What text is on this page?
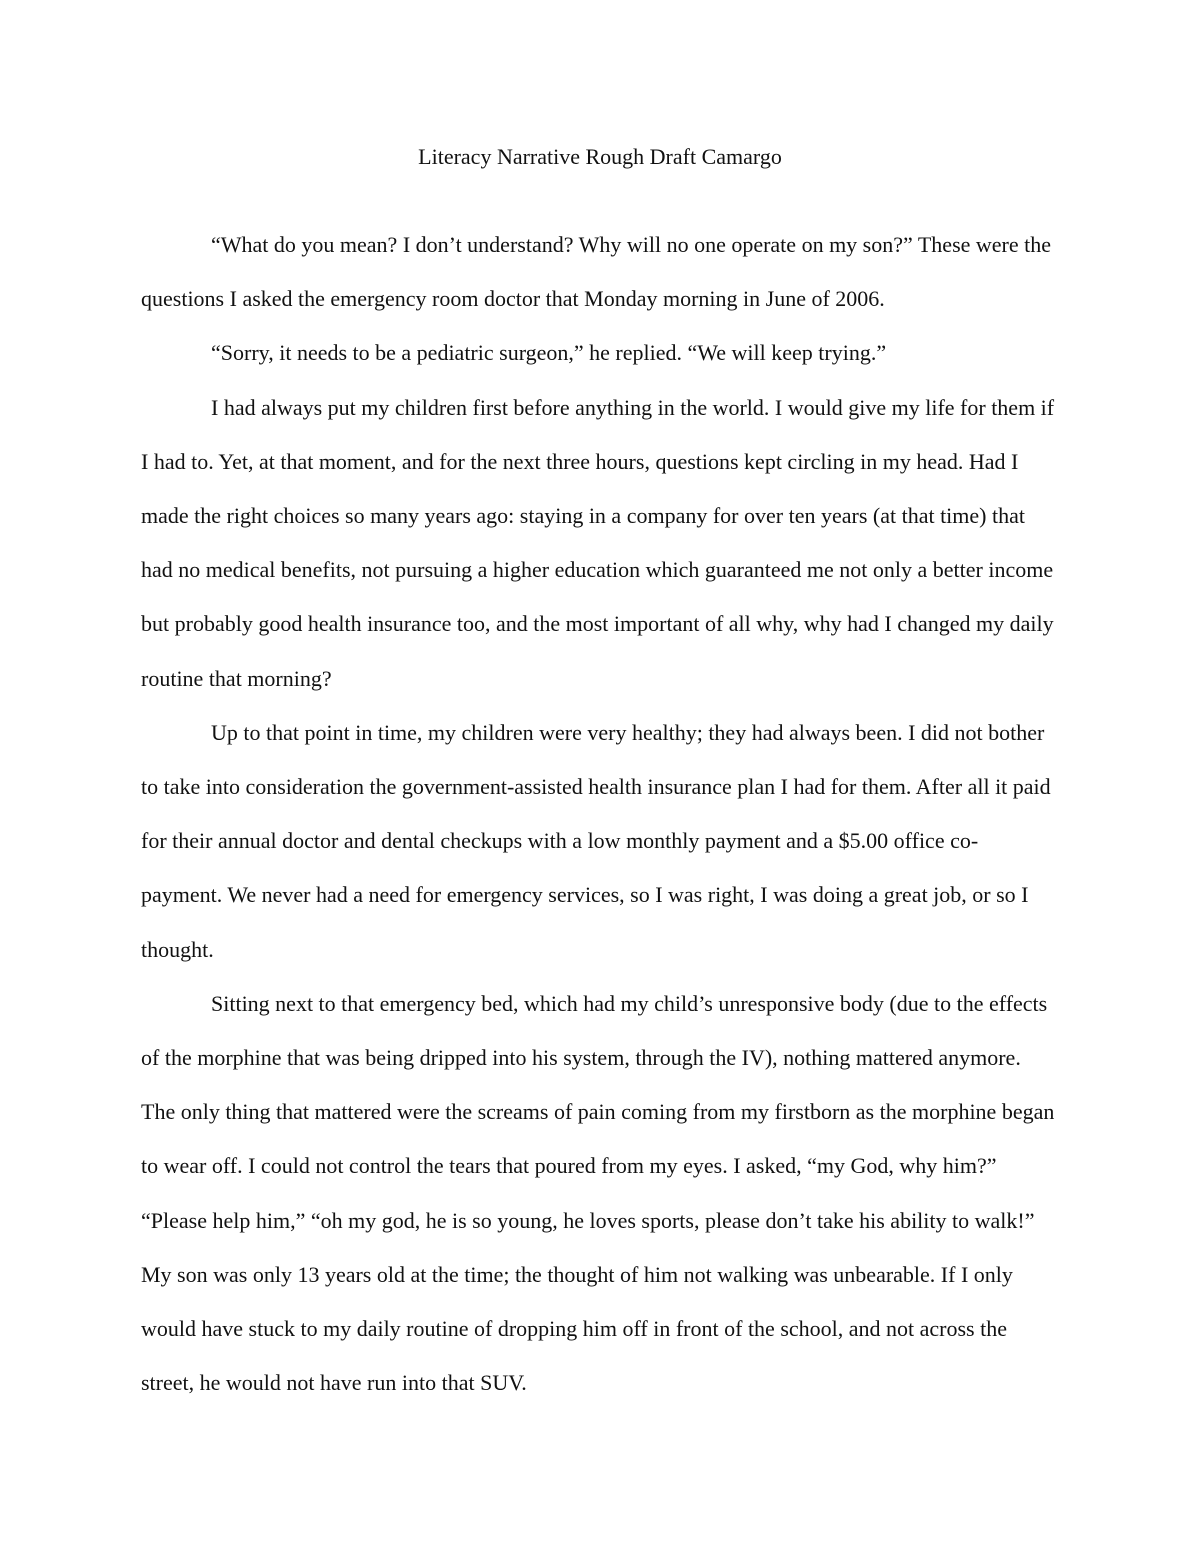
Literacy Narrative Rough Draft Camargo

“What do you mean? I don’t understand? Why will no one operate on my son?” These were the questions I asked the emergency room doctor that Monday morning in June of 2006.

“Sorry, it needs to be a pediatric surgeon,” he replied. “We will keep trying.”

I had always put my children first before anything in the world. I would give my life for them if I had to. Yet, at that moment, and for the next three hours, questions kept circling in my head. Had I made the right choices so many years ago: staying in a company for over ten years (at that time) that had no medical benefits, not pursuing a higher education which guaranteed me not only a better income but probably good health insurance too, and the most important of all why, why had I changed my daily routine that morning?

Up to that point in time, my children were very healthy; they had always been. I did not bother to take into consideration the government-assisted health insurance plan I had for them. After all it paid for their annual doctor and dental checkups with a low monthly payment and a $5.00 office co-payment. We never had a need for emergency services, so I was right, I was doing a great job, or so I thought.

Sitting next to that emergency bed, which had my child’s unresponsive body (due to the effects of the morphine that was being dripped into his system, through the IV), nothing mattered anymore. The only thing that mattered were the screams of pain coming from my firstborn as the morphine began to wear off. I could not control the tears that poured from my eyes. I asked, “my God, why him?” “Please help him,” “oh my god, he is so young, he loves sports, please don’t take his ability to walk!” My son was only 13 years old at the time; the thought of him not walking was unbearable. If I only would have stuck to my daily routine of dropping him off in front of the school, and not across the street, he would not have run into that SUV.
